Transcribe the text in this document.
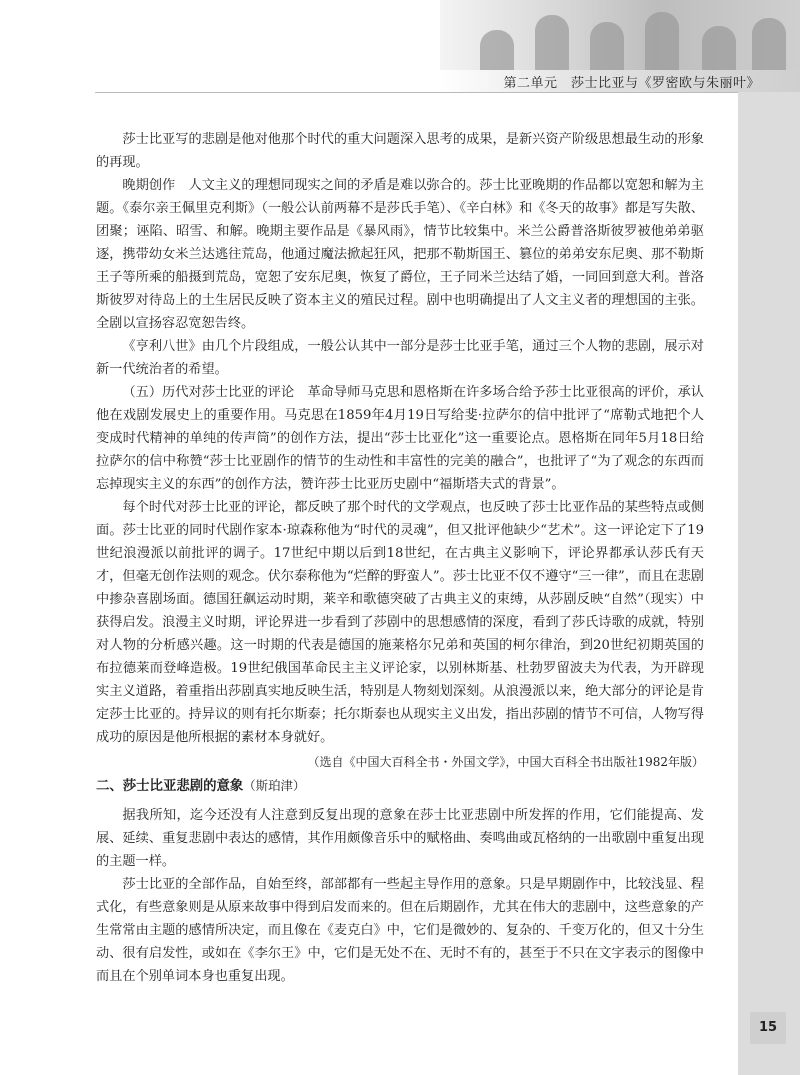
第二单元　莎士比亚与《罗密欧与朱丽叶》

莎士比亚写的悲剧是他对他那个时代的重大问题深入思考的成果，是新兴资产阶级思想最生动的形象的再现。

晚期创作　人文主义的理想同现实之间的矛盾是难以弥合的。莎士比亚晚期的作品都以宽恕和解为主题。《泰尔亲王佩里克利斯》（一般公认前两幕不是莎氏手笔）、《辛白林》和《冬天的故事》都是写失散、团聚；诬陷、昭雪、和解。晚期主要作品是《暴风雨》，情节比较集中。米兰公爵普洛斯彼罗被他弟弟驱逐，携带幼女米兰达逃往荒岛，他通过魔法掀起狂风，把那不勒斯国王、篡位的弟弟安东尼奥、那不勒斯王子等所乘的船摄到荒岛，宽恕了安东尼奥，恢复了爵位，王子同米兰达结了婚，一同回到意大利。普洛斯彼罗对待岛上的土生居民反映了资本主义的殖民过程。剧中也明确提出了人文主义者的理想国的主张。全剧以宣扬容忍宽恕告终。

《亨利八世》由几个片段组成，一般公认其中一部分是莎士比亚手笔，通过三个人物的悲剧，展示对新一代统治者的希望。

（五）历代对莎士比亚的评论　革命导师马克思和恩格斯在许多场合给予莎士比亚很高的评价，承认他在戏剧发展史上的重要作用。马克思在1859年4月19日写给斐·拉萨尔的信中批评了“席勒式地把个人变成时代精神的单纯的传声筒”的创作方法，提出“莎士比亚化”这一重要论点。恩格斯在同年5月18日给拉萨尔的信中称赞“莎士比亚剧作的情节的生动性和丰富性的完美的融合”，也批评了“为了观念的东西而忘掉现实主义的东西”的创作方法，赞许莎士比亚历史剧中“福斯塔夫式的背景”。

每个时代对莎士比亚的评论，都反映了那个时代的文学观点，也反映了莎士比亚作品的某些特点或侧面。莎士比亚的同时代剧作家本·琼森称他为“时代的灵魂”，但又批评他缺少“艺术”。这一评论定下了19世纪浪漫派以前批评的调子。17世纪中期以后到18世纪，在古典主义影响下，评论界都承认莎氏有天才，但毫无创作法则的观念。伏尔泰称他为“烂醉的野蛮人”。莎士比亚不仅不遵守“三一律”，而且在悲剧中掺杂喜剧场面。德国狂飙运动时期，莱辛和歌德突破了古典主义的束缚，从莎剧反映“自然”（现实）中获得启发。浪漫主义时期，评论界进一步看到了莎剧中的思想感情的深度，看到了莎氏诗歌的成就，特别对人物的分析感兴趣。这一时期的代表是德国的施莱格尔兄弟和英国的柯尔律治，到20世纪初期英国的布拉德莱而登峰造极。19世纪俄国革命民主主义评论家，以别林斯基、杜勃罗留波夫为代表，为开辟现实主义道路，着重指出莎剧真实地反映生活，特别是人物刻划深刻。从浪漫派以来，绝大部分的评论是肯定莎士比亚的。持异议的则有托尔斯泰；托尔斯泰也从现实主义出发，指出莎剧的情节不可信，人物写得成功的原因是他所根据的素材本身就好。

（选自《中国大百科全书・外国文学》，中国大百科全书出版社1982年版）

二、莎士比亚悲剧的意象（斯珀津）

据我所知，迄今还没有人注意到反复出现的意象在莎士比亚悲剧中所发挥的作用，它们能提高、发展、延续、重复悲剧中表达的感情，其作用颇像音乐中的赋格曲、奏鸣曲或瓦格纳的一出歌剧中重复出现的主题一样。

莎士比亚的全部作品，自始至终，部部都有一些起主导作用的意象。只是早期剧作中，比较浅显、程式化，有些意象则是从原来故事中得到启发而来的。但在后期剧作，尤其在伟大的悲剧中，这些意象的产生常常由主题的感情所决定，而且像在《麦克白》中，它们是微妙的、复杂的、千变万化的，但又十分生动、很有启发性，或如在《李尔王》中，它们是无处不在、无时不有的，甚至于不只在文字表示的图像中而且在个别单词本身也重复出现。

15
